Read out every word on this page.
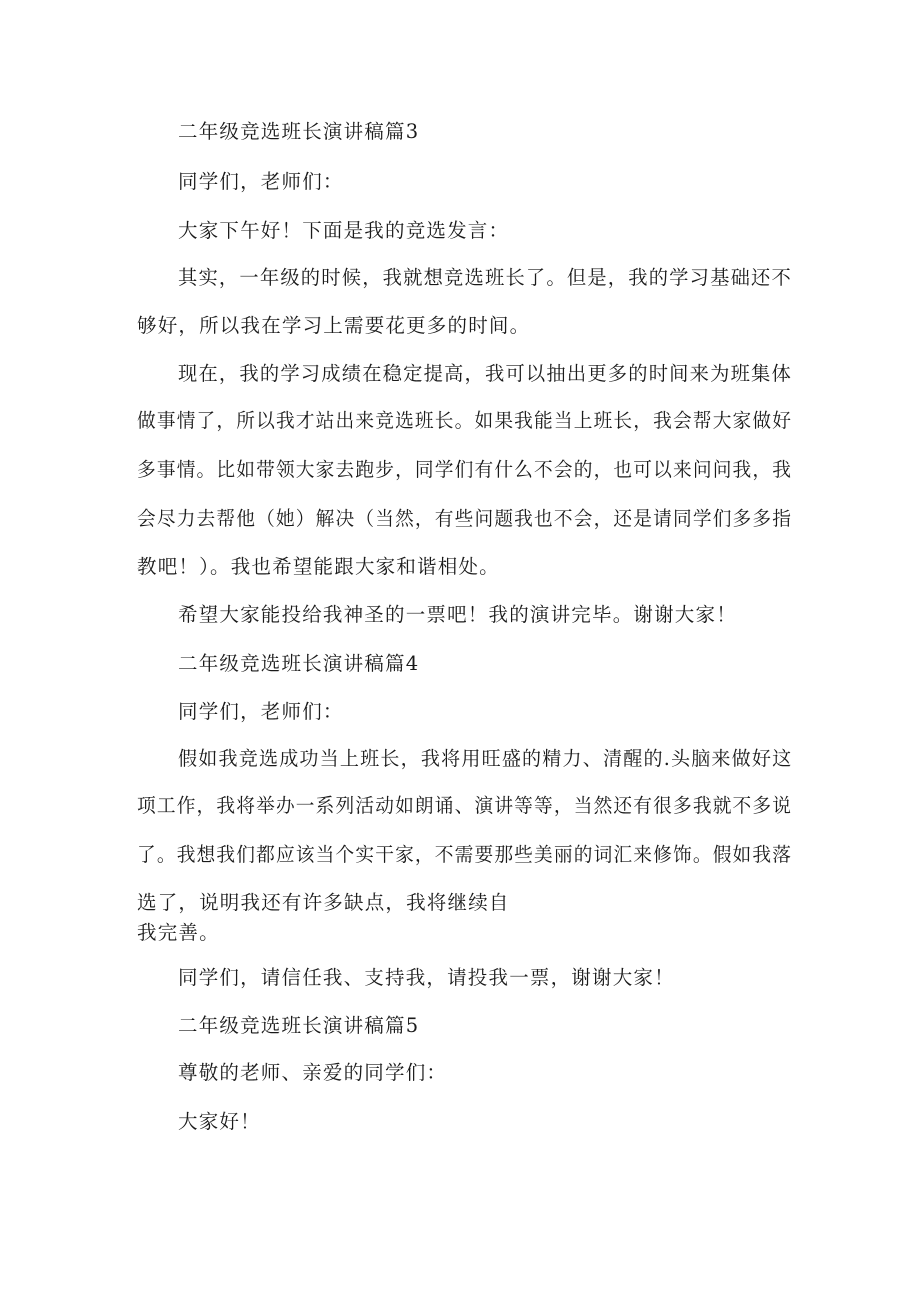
二年级竞选班长演讲稿篇3
同学们，老师们：
大家下午好！下面是我的竞选发言：
其实，一年级的时候，我就想竞选班长了。但是，我的学习基础还不
够好，所以我在学习上需要花更多的时间。
现在，我的学习成绩在稳定提高，我可以抽出更多的时间来为班集体
做事情了，所以我才站出来竞选班长。如果我能当上班长，我会帮大家做好
多事情。比如带领大家去跑步，同学们有什么不会的，也可以来问问我，我
会尽力去帮他（她）解决（当然，有些问题我也不会，还是请同学们多多指
教吧！）。我也希望能跟大家和谐相处。
希望大家能投给我神圣的一票吧！我的演讲完毕。谢谢大家！
二年级竞选班长演讲稿篇4
同学们，老师们：
假如我竞选成功当上班长，我将用旺盛的精力、清醒的.头脑来做好这
项工作，我将举办一系列活动如朗诵、演讲等等，当然还有很多我就不多说
了。我想我们都应该当个实干家，不需要那些美丽的词汇来修饰。假如我落
选了，说明我还有许多缺点，我将继续自
我完善。
同学们，请信任我、支持我，请投我一票，谢谢大家！
二年级竞选班长演讲稿篇5
尊敬的老师、亲爱的同学们：
大家好！
